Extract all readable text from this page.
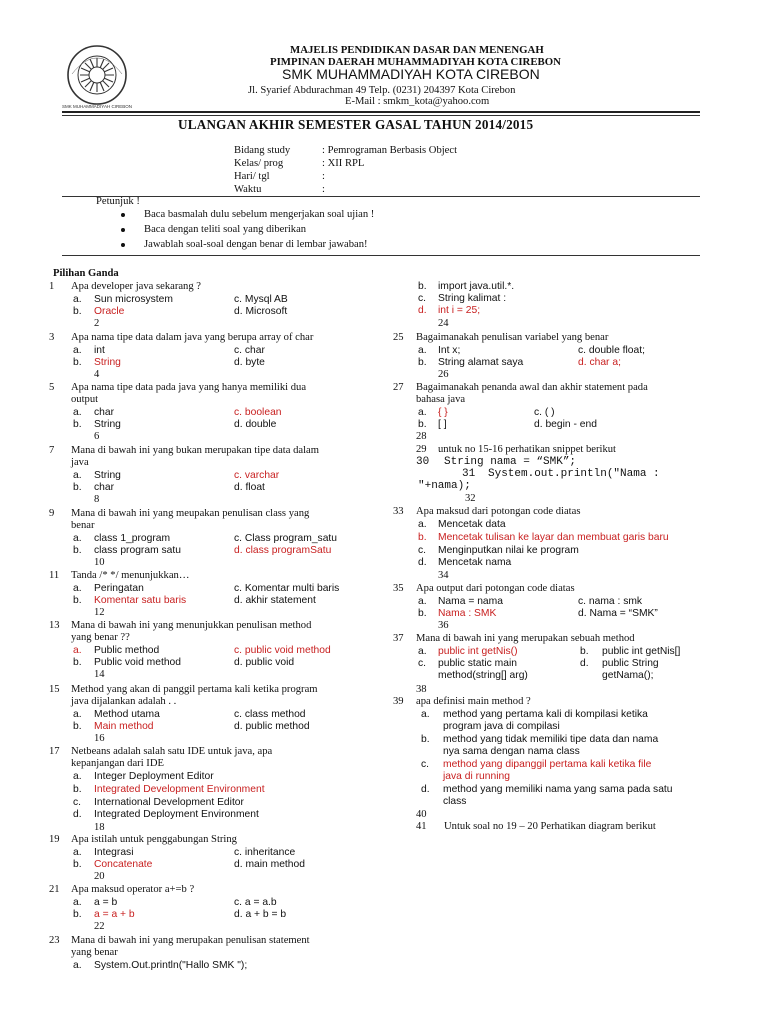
SMK MUHAMMADIYAH CIREBON
MAJELIS PENDIDIKAN DASAR DAN MENENGAH
PIMPINAN DAERAH MUHAMMADIYAH KOTA CIREBON
SMK MUHAMMADIYAH KOTA CIREBON
Jl. Syarief Abdurachman 49 Telp. (0231) 204397 Kota Cirebon
E-Mail : smkm_kota@yahoo.com
ULANGAN AKHIR SEMESTER GASAL TAHUN 2014/2015
Bidang study	: Pemrograman Berbasis Object
Kelas/ prog	: XII RPL
Hari/ tgl	:
Waktu	:
Petunjuk !
Baca basmalah dulu sebelum mengerjakan soal ujian !
Baca dengan teliti soal yang diberikan
Jawablah soal-soal dengan benar di lembar jawaban!
Pilihan Ganda
1 Apa developer java sekarang ?
a. Sun microsystem	c. Mysql AB
b. Oracle	d. Microsoft
2
3 Apa nama tipe data dalam java yang berupa array of char
a. int	c. char
b. String	d. byte
4
5 Apa nama tipe data pada java yang hanya memiliki dua
output
a. char	c. boolean
b. String	d. double
6
7 Mana di bawah ini yang bukan merupakan tipe data dalam
java
a. String	c. varchar
b. char	d. float
8
9 Mana di bawah ini yang meupakan penulisan class yang
benar
a. class 1_program	c. Class program_satu
b. class program satu	d. class programSatu
10
11 Tanda /* */ menunjukkan…
a. Peringatan	c. Komentar multi baris
b. Komentar satu baris	d. akhir statement
12
13 Mana di bawah ini yang menunjukkan penulisan method
yang benar ??
a. Public method	c. public void method
b. Public void method	d. public void
14
15 Method yang akan di panggil pertama kali ketika program
java dijalankan adalah . .
a. Method utama	c. class method
b. Main method	d. public method
16
17 Netbeans adalah salah satu IDE untuk java, apa
kepanjangan dari IDE
a. Integer Deployment Editor
b. Integrated Development Environment
c. International Development Editor
d. Integrated Deployment Environment
18
19 Apa istilah untuk penggabungan String
a. Integrasi	c. inheritance
b. Concatenate	d. main method
20
21 Apa maksud operator a+=b ?
a. a = b	c. a = a.b
b. a = a + b	d. a + b = b
22
23 Mana di bawah ini yang merupakan penulisan statement
yang benar
a. System.Out.println("Hallo SMK ");
b. import java.util.*.
c. String kalimat :
d. int i = 25;
24
25 Bagaimanakah penulisan variabel yang benar
a. Int x;	c. double float;
b. String alamat saya	d. char a;
26
27 Bagaimanakah penanda awal dan akhir statement pada
bahasa java
a. { }	c. ( )
b. [ ]	d. begin - end
28
29 untuk no 15-16 perhatikan snippet berikut
30 String nama = “SMK”;
31 System.out.println("Nama :
"+nama);
32
33 Apa maksud dari potongan code diatas
a. Mencetak data
b. Mencetak tulisan ke layar dan membuat garis baru
c. Menginputkan nilai ke program
d. Mencetak nama
34
35 Apa output dari potongan code diatas
a. Nama = nama	c. nama : smk
b. Nama : SMK	d. Nama = “SMK”
36
37 Mana di bawah ini yang merupakan sebuah method
a. public int getNis()	b. public int getNis[]
c. public static main	d. public String
method(string[] arg)	getNama();
38
39 apa definisi main method ?
a. method yang pertama kali di kompilasi ketika
program java di compilasi
b. method yang tidak memiliki tipe data dan nama
nya sama dengan nama class
c. method yang dipanggil pertama kali ketika file
java di running
d. method yang memiliki nama yang sama pada satu
class
40
41 Untuk soal no 19 – 20 Perhatikan diagram berikut
